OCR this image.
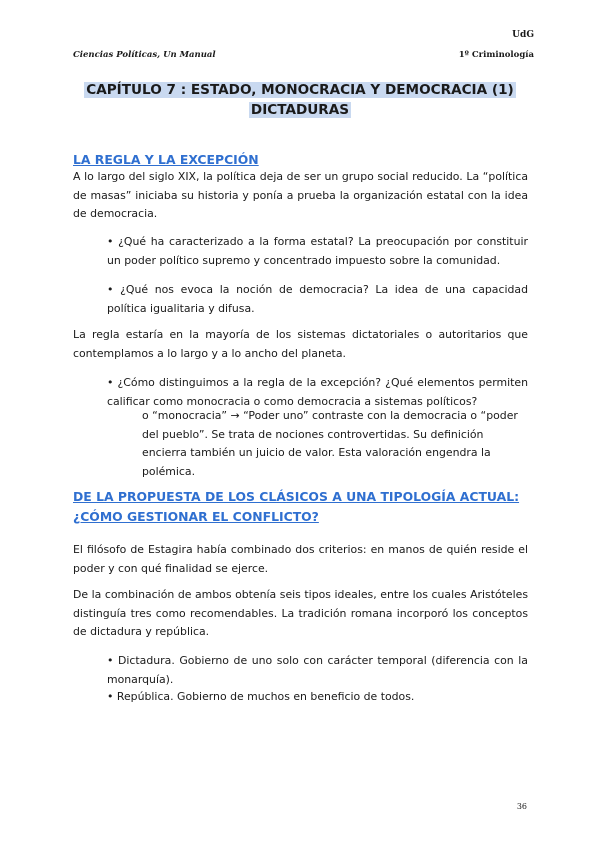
UdG
Ciencias Políticas, Un Manual	1º Criminología
CAPÍTULO 7 : ESTADO, MONOCRACIA Y DEMOCRACIA (1)
DICTADURAS
LA REGLA Y LA EXCEPCIÓN
A lo largo del siglo XIX, la política deja de ser un grupo social reducido. La “política de masas” iniciaba su historia y ponía a prueba la organización estatal con la idea de democracia.
• ¿Qué ha caracterizado a la forma estatal? La preocupación por constituir un poder político supremo y concentrado impuesto sobre la comunidad.
• ¿Qué nos evoca la noción de democracia? La idea de una capacidad política igualitaria y difusa.
La regla estaría en la mayoría de los sistemas dictatoriales o autoritarios que contemplamos a lo largo y a lo ancho del planeta.
• ¿Cómo distinguimos a la regla de la excepción? ¿Qué elementos permiten calificar como monocracia o como democracia a sistemas políticos?
o “monocracia” → “Poder uno” contraste con la democracia o “poder del pueblo”. Se trata de nociones controvertidas. Su definición encierra también un juicio de valor. Esta valoración engendra la polémica.
DE LA PROPUESTA DE LOS CLÁSICOS A UNA TIPOLOGÍA ACTUAL:
¿CÓMO GESTIONAR EL CONFLICTO?
El filósofo de Estagira había combinado dos criterios: en manos de quién reside el poder y con qué finalidad se ejerce.
De la combinación de ambos obtenía seis tipos ideales, entre los cuales Aristóteles distinguía tres como recomendables. La tradición romana incorporó los conceptos de dictadura y república.
• Dictadura. Gobierno de uno solo con carácter temporal (diferencia con la monarquía).
• República. Gobierno de muchos en beneficio de todos.
36
